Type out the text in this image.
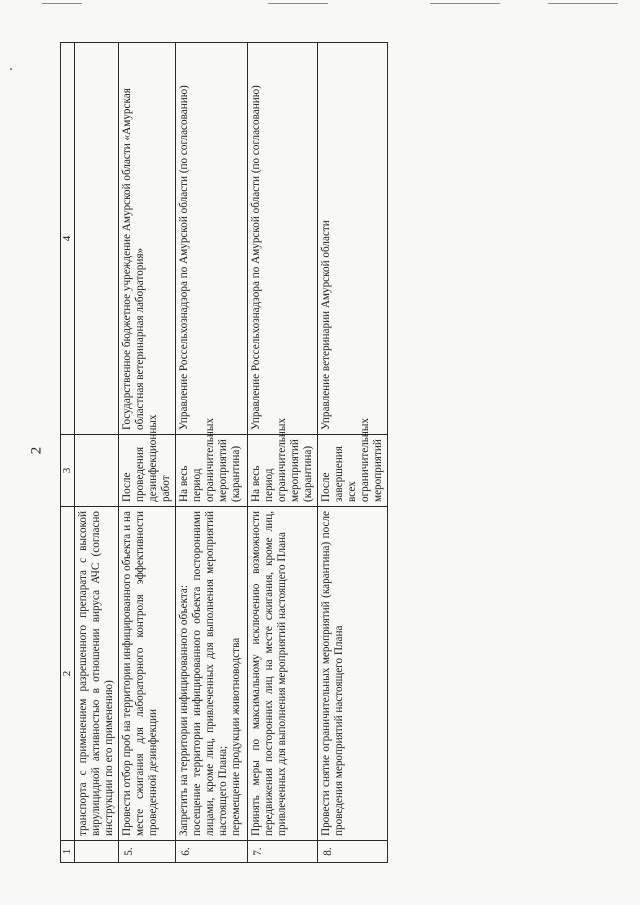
2
1	2	3	4
	транспорта с применением разрешенного препарата с высокой вирулицидной активностью в отношении вируса АЧС (согласно инструкции по его применению)		
5.	Провести отбор проб на территории инфицированного объекта и на месте сжигания для лабораторного контроля эффективности проведенной дезинфекции	После проведения дезинфекционных работ	Государственное бюджетное учреждение Амурской области «Амурская областная ветеринарная лаборатория»
6.	Запретить на территории инфицированного объекта: посещение территории инфицированного объекта посторонними лицами, кроме лиц, привлеченных для выполнения мероприятий настоящего Плана; перемещение продукции животноводства	На весь период ограничительных мероприятий (карантина)	Управление Россельхознадзора по Амурской области (по согласованию)
7.	Принять меры по максимальному исключению возможности передвижения посторонних лиц на месте сжигания, кроме лиц, привлеченных для выполнения мероприятий настоящего Плана	На весь период ограничительных мероприятий (карантина)	Управление Россельхознадзора по Амурской области (по согласованию)
8.	Провести снятие ограничительных мероприятий (карантина) после проведения мероприятий настоящего Плана	После завершения всех ограничительных мероприятий	Управление ветеринарии Амурской области
